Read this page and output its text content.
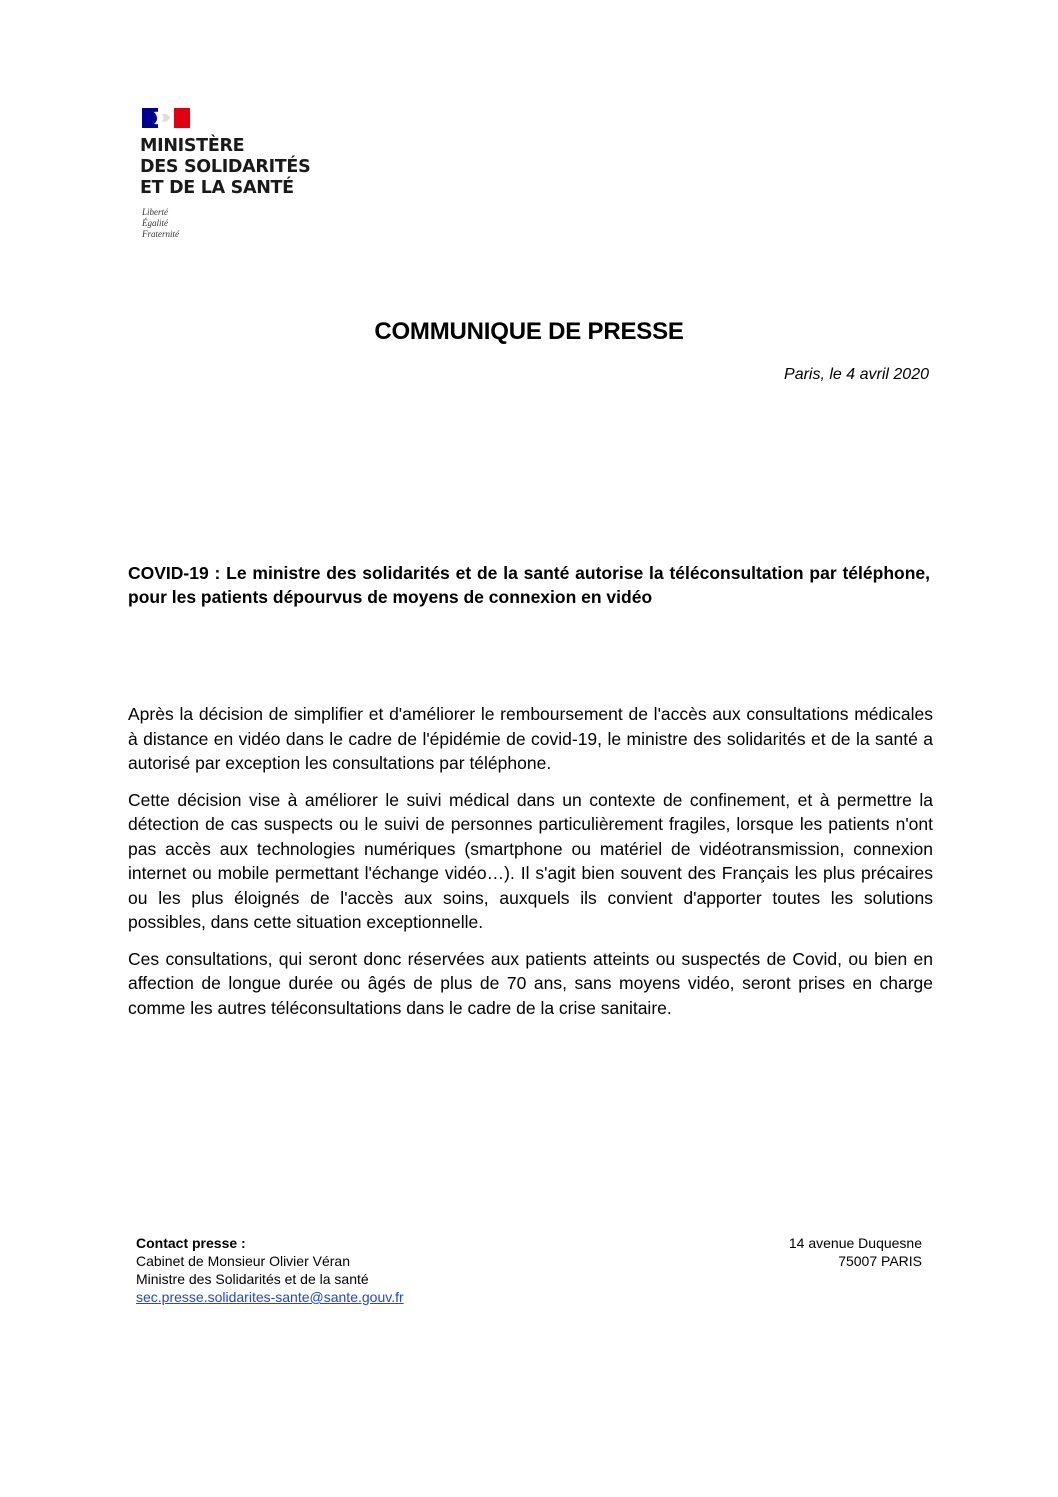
MINISTÈRE
DES SOLIDARITÉS
ET DE LA SANTÉ
Liberté
Égalité
Fraternité
COMMUNIQUE DE PRESSE
Paris, le 4 avril 2020
COVID-19 : Le ministre des solidarités et de la santé autorise la téléconsultation par téléphone, pour les patients dépourvus de moyens de connexion en vidéo

Après la décision de simplifier et d'améliorer le remboursement de l'accès aux consultations médicales à distance en vidéo dans le cadre de l'épidémie de covid-19, le ministre des solidarités et de la santé a autorisé par exception les consultations par téléphone.

Cette décision vise à améliorer le suivi médical dans un contexte de confinement, et à permettre la détection de cas suspects ou le suivi de personnes particulièrement fragiles, lorsque les patients n'ont pas accès aux technologies numériques (smartphone ou matériel de vidéotransmission, connexion internet ou mobile permettant l'échange vidéo…). Il s'agit bien souvent des Français les plus précaires ou les plus éloignés de l'accès aux soins, auxquels ils convient d'apporter toutes les solutions possibles, dans cette situation exceptionnelle.

Ces consultations, qui seront donc réservées aux patients atteints ou suspectés de Covid, ou bien en affection de longue durée ou âgés de plus de 70 ans, sans moyens vidéo, seront prises en charge comme les autres téléconsultations dans le cadre de la crise sanitaire.

Contact presse :
Cabinet de Monsieur Olivier Véran
Ministre des Solidarités et de la santé
sec.presse.solidarites-sante@sante.gouv.fr
14 avenue Duquesne
75007 PARIS
